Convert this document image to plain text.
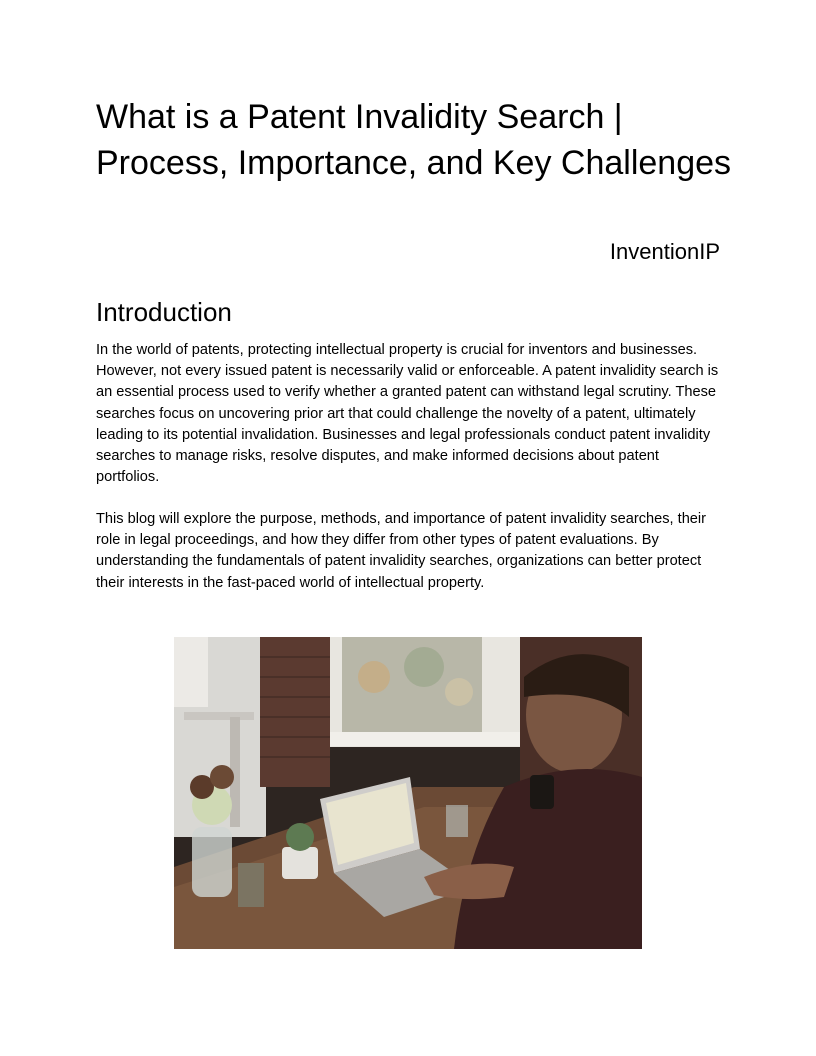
What is a Patent Invalidity Search | Process, Importance, and Key Challenges
InventionIP
Introduction

In the world of patents, protecting intellectual property is crucial for inventors and businesses. However, not every issued patent is necessarily valid or enforceable. A patent invalidity search is an essential process used to verify whether a granted patent can withstand legal scrutiny. These searches focus on uncovering prior art that could challenge the novelty of a patent, ultimately leading to its potential invalidation. Businesses and legal professionals conduct patent invalidity searches to manage risks, resolve disputes, and make informed decisions about patent portfolios.

This blog will explore the purpose, methods, and importance of patent invalidity searches, their role in legal proceedings, and how they differ from other types of patent evaluations. By understanding the fundamentals of patent invalidity searches, organizations can better protect their interests in the fast-paced world of intellectual property.
